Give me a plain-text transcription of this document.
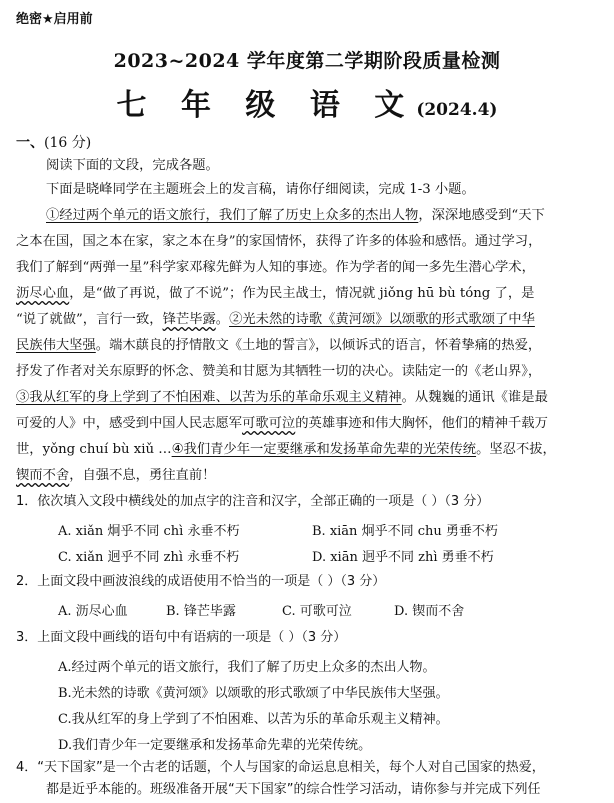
绝密★启用前
2023~2024 学年度第二学期阶段质量检测
七 年 级 语 文(2024.4)
一、(16 分)
阅读下面的文段，完成各题。
下面是晓峰同学在主题班会上的发言稿，请你仔细阅读，完成 1-3 小题。
①经过两个单元的语文旅行，我们了解了历史上众多的杰出人物，深深地感受到“天下
之本在国，国之本在家，家之本在身”的家国情怀，获得了许多的体验和感悟。通过学习，
我们了解到“两弹一星”科学家邓稼先鲜为人知的事迹。作为学者的闻一多先生潜心学术，
沥尽心血，是“做了再说，做了不说”；作为民主战士，情况就 jiǒng hū bù tóng 了，是
“说了就做”，言行一致，锋芒毕露。②光未然的诗歌《黄河颂》以颂歌的形式歌颂了中华
民族伟大坚强。端木蕻良的抒情散文《土地的誓言》，以倾诉式的语言，怀着挚痛的热爱，
抒发了作者对关东原野的怀念、赞美和甘愿为其牺牲一切的决心。读陆定一的《老山界》，
③我从红军的身上学到了不怕困难、以苦为乐的革命乐观主义精神。从魏巍的通讯《谁是最
可爱的人》中，感受到中国人民志愿军可歌可泣的英雄事迹和伟大胸怀，他们的精神千载万
世，yǒng chuí bù xiǔ …④我们青少年一定要继承和发扬革命先辈的光荣传统。坚忍不拔，
锲而不舍，自强不息，勇往直前！
1．依次填入文段中横线处的加点字的注音和汉字，全部正确的一项是（ ）（3 分）
A. xiǎn 炯乎不同 chì 永垂不朽	B. xiān 炯乎不同 chu 勇垂不朽
C. xiǎn 迥乎不同 zhì 永垂不朽	D. xiān 迥乎不同 zhì 勇垂不朽
2．上面文段中画波浪线的成语使用不恰当的一项是（ ）（3 分）
A. 沥尽心血	B. 锋芒毕露	C. 可歌可泣	D. 锲而不舍
3．上面文段中画线的语句中有语病的一项是（ ）（3 分）
A.经过两个单元的语文旅行，我们了解了历史上众多的杰出人物。
B.光未然的诗歌《黄河颂》以颂歌的形式歌颂了中华民族伟大坚强。
C.我从红军的身上学到了不怕困难、以苦为乐的革命乐观主义精神。
D.我们青少年一定要继承和发扬革命先辈的光荣传统。
4．“天下国家”是一个古老的话题，个人与国家的命运息息相关，每个人对自己国家的热爱，
都是近乎本能的。班级准备开展“天下国家”的综合性学习活动，请你参与并完成下列任
